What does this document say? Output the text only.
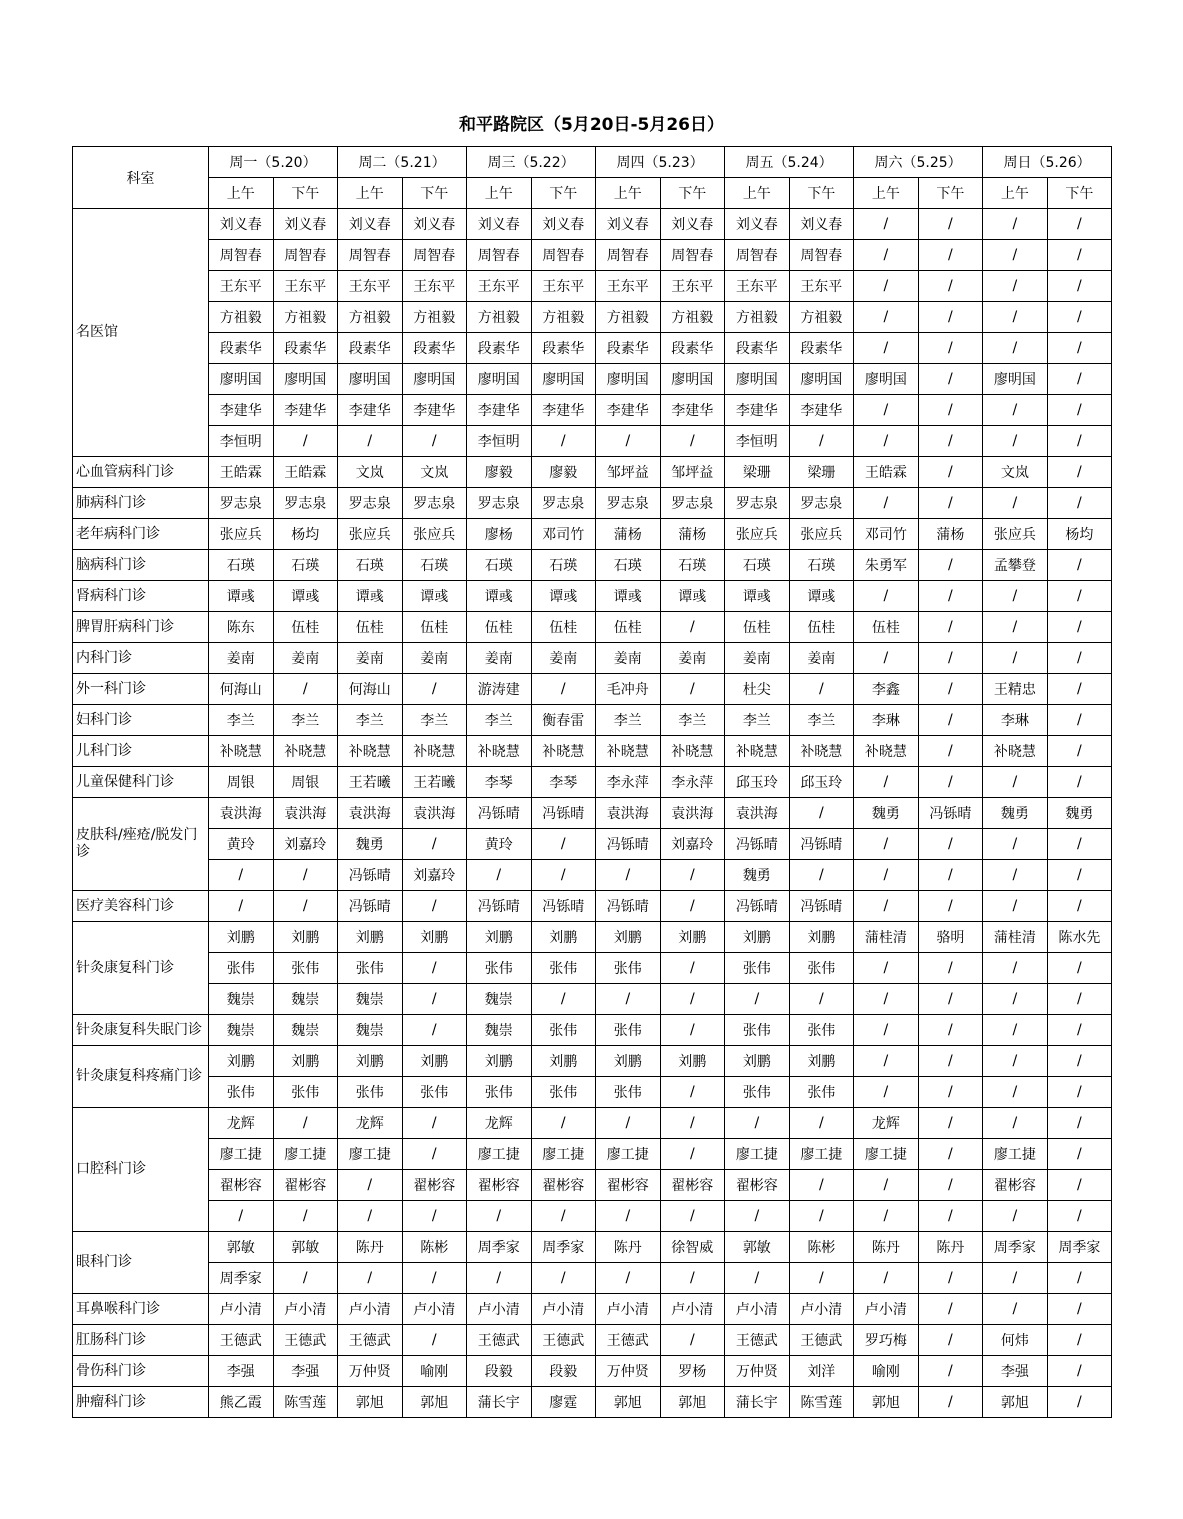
和平路院区（5月20日-5月26日）
科室	周一（5.20）		周二（5.21）		周三（5.22）		周四（5.23）		周五（5.24）		周六（5.25）		周日（5.26）	
	上午	下午	上午	下午	上午	下午	上午	下午	上午	下午	上午	下午	上午	下午
名医馆	刘义春	刘义春	刘义春	刘义春	刘义春	刘义春	刘义春	刘义春	刘义春	刘义春	/	/	/	/
	周智春	周智春	周智春	周智春	周智春	周智春	周智春	周智春	周智春	周智春	/	/	/	/
	王东平	王东平	王东平	王东平	王东平	王东平	王东平	王东平	王东平	王东平	/	/	/	/
	方祖毅	方祖毅	方祖毅	方祖毅	方祖毅	方祖毅	方祖毅	方祖毅	方祖毅	方祖毅	/	/	/	/
	段素华	段素华	段素华	段素华	段素华	段素华	段素华	段素华	段素华	段素华	/	/	/	/
	廖明国	廖明国	廖明国	廖明国	廖明国	廖明国	廖明国	廖明国	廖明国	廖明国	廖明国	/	廖明国	/
	李建华	李建华	李建华	李建华	李建华	李建华	李建华	李建华	李建华	李建华	/	/	/	/
	李恒明	/	/	/	李恒明	/	/	/	李恒明	/	/	/	/	/
心血管病科门诊	王皓霖	王皓霖	文岚	文岚	廖毅	廖毅	邹坪益	邹坪益	梁珊	梁珊	王皓霖	/	文岚	/
肺病科门诊	罗志泉	罗志泉	罗志泉	罗志泉	罗志泉	罗志泉	罗志泉	罗志泉	罗志泉	罗志泉	/	/	/	/
老年病科门诊	张应兵	杨均	张应兵	张应兵	廖杨	邓司竹	蒲杨	蒲杨	张应兵	张应兵	邓司竹	蒲杨	张应兵	杨均
脑病科门诊	石瑛	石瑛	石瑛	石瑛	石瑛	石瑛	石瑛	石瑛	石瑛	石瑛	朱勇军	/	孟攀登	/
肾病科门诊	谭彧	谭彧	谭彧	谭彧	谭彧	谭彧	谭彧	谭彧	谭彧	谭彧	/	/	/	/
脾胃肝病科门诊	陈东	伍桂	伍桂	伍桂	伍桂	伍桂	伍桂	/	伍桂	伍桂	伍桂	/	/	/
内科门诊	姜南	姜南	姜南	姜南	姜南	姜南	姜南	姜南	姜南	姜南	/	/	/	/
外一科门诊	何海山	/	何海山	/	游涛建	/	毛冲舟	/	杜尖	/	李鑫	/	王精忠	/
妇科门诊	李兰	李兰	李兰	李兰	李兰	衡春雷	李兰	李兰	李兰	李兰	李琳	/	李琳	/
儿科门诊	补晓慧	补晓慧	补晓慧	补晓慧	补晓慧	补晓慧	补晓慧	补晓慧	补晓慧	补晓慧	补晓慧	/	补晓慧	/
儿童保健科门诊	周银	周银	王若曦	王若曦	李琴	李琴	李永萍	李永萍	邱玉玲	邱玉玲	/	/	/	/
皮肤科/痤疮/脱发门诊	袁洪海	袁洪海	袁洪海	袁洪海	冯铄晴	冯铄晴	袁洪海	袁洪海	袁洪海	/	魏勇	冯铄晴	魏勇	魏勇
	黄玲	刘嘉玲	魏勇	/	黄玲	/	冯铄晴	刘嘉玲	冯铄晴	冯铄晴	/	/	/	/
	/	/	冯铄晴	刘嘉玲	/	/	/	/	魏勇	/	/	/	/	/
医疗美容科门诊	/	/	冯铄晴	/	冯铄晴	冯铄晴	冯铄晴	/	冯铄晴	冯铄晴	/	/	/	/
针灸康复科门诊	刘鹏	刘鹏	刘鹏	刘鹏	刘鹏	刘鹏	刘鹏	刘鹏	刘鹏	刘鹏	蒲桂清	骆明	蒲桂清	陈水先
	张伟	张伟	张伟	/	张伟	张伟	张伟	/	张伟	张伟	/	/	/	/
	魏崇	魏崇	魏崇	/	魏崇	/	/	/	/	/	/	/	/	/
针灸康复科失眠门诊	魏崇	魏崇	魏崇	/	魏崇	张伟	张伟	/	张伟	张伟	/	/	/	/
针灸康复科疼痛门诊	刘鹏	刘鹏	刘鹏	刘鹏	刘鹏	刘鹏	刘鹏	刘鹏	刘鹏	刘鹏	/	/	/	/
	张伟	张伟	张伟	张伟	张伟	张伟	张伟	/	张伟	张伟	/	/	/	/
口腔科门诊	龙辉	/	龙辉	/	龙辉	/	/	/	/	/	龙辉	/	/	/
	廖工捷	廖工捷	廖工捷	/	廖工捷	廖工捷	廖工捷	/	廖工捷	廖工捷	廖工捷	/	廖工捷	/
	翟彬容	翟彬容	/	翟彬容	翟彬容	翟彬容	翟彬容	翟彬容	翟彬容	/	/	/	翟彬容	/
	/	/	/	/	/	/	/	/	/	/	/	/	/	/
眼科门诊	郭敏	郭敏	陈丹	陈彬	周季家	周季家	陈丹	徐智威	郭敏	陈彬	陈丹	陈丹	周季家	周季家
	周季家	/	/	/	/	/	/	/	/	/	/	/	/	/
耳鼻喉科门诊	卢小清	卢小清	卢小清	卢小清	卢小清	卢小清	卢小清	卢小清	卢小清	卢小清	卢小清	/	/	/
肛肠科门诊	王德武	王德武	王德武	/	王德武	王德武	王德武	/	王德武	王德武	罗巧梅	/	何炜	/
骨伤科门诊	李强	李强	万仲贤	喻刚	段毅	段毅	万仲贤	罗杨	万仲贤	刘洋	喻刚	/	李强	/
肿瘤科门诊	熊乙霞	陈雪莲	郭旭	郭旭	蒲长宇	廖霆	郭旭	郭旭	蒲长宇	陈雪莲	郭旭	/	郭旭	/
